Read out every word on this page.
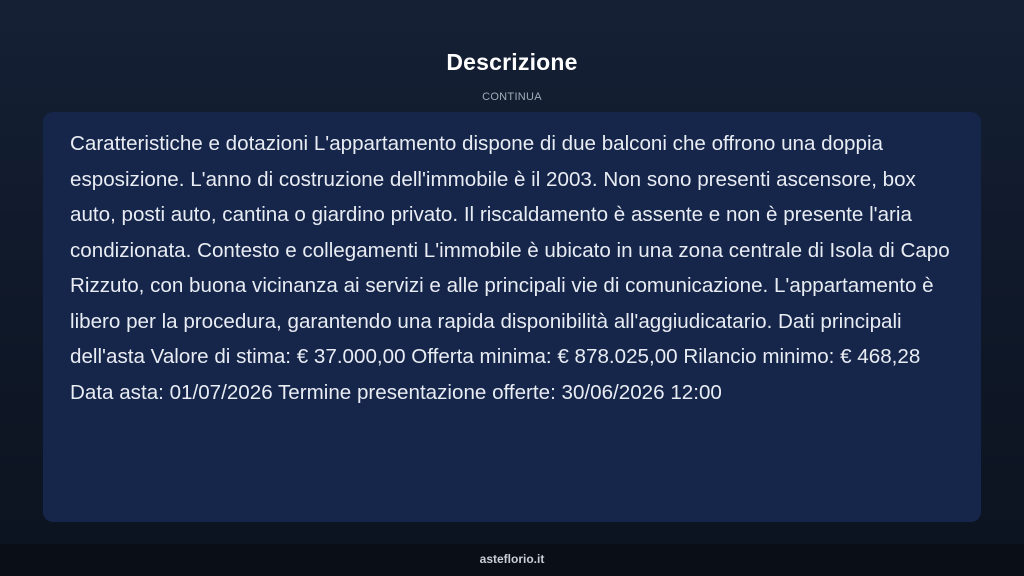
Descrizione
CONTINUA

Caratteristiche e dotazioni L'appartamento dispone di due balconi che offrono una doppia esposizione. L'anno di costruzione dell'immobile è il 2003. Non sono presenti ascensore, box auto, posti auto, cantina o giardino privato. Il riscaldamento è assente e non è presente l'aria condizionata. Contesto e collegamenti L'immobile è ubicato in una zona centrale di Isola di Capo Rizzuto, con buona vicinanza ai servizi e alle principali vie di comunicazione. L'appartamento è libero per la procedura, garantendo una rapida disponibilità all'aggiudicatario. Dati principali dell'asta Valore di stima: € 37.000,00 Offerta minima: € 878.025,00 Rilancio minimo: € 468,28 Data asta: 01/07/2026 Termine presentazione offerte: 30/06/2026 12:00

asteflorio.it
